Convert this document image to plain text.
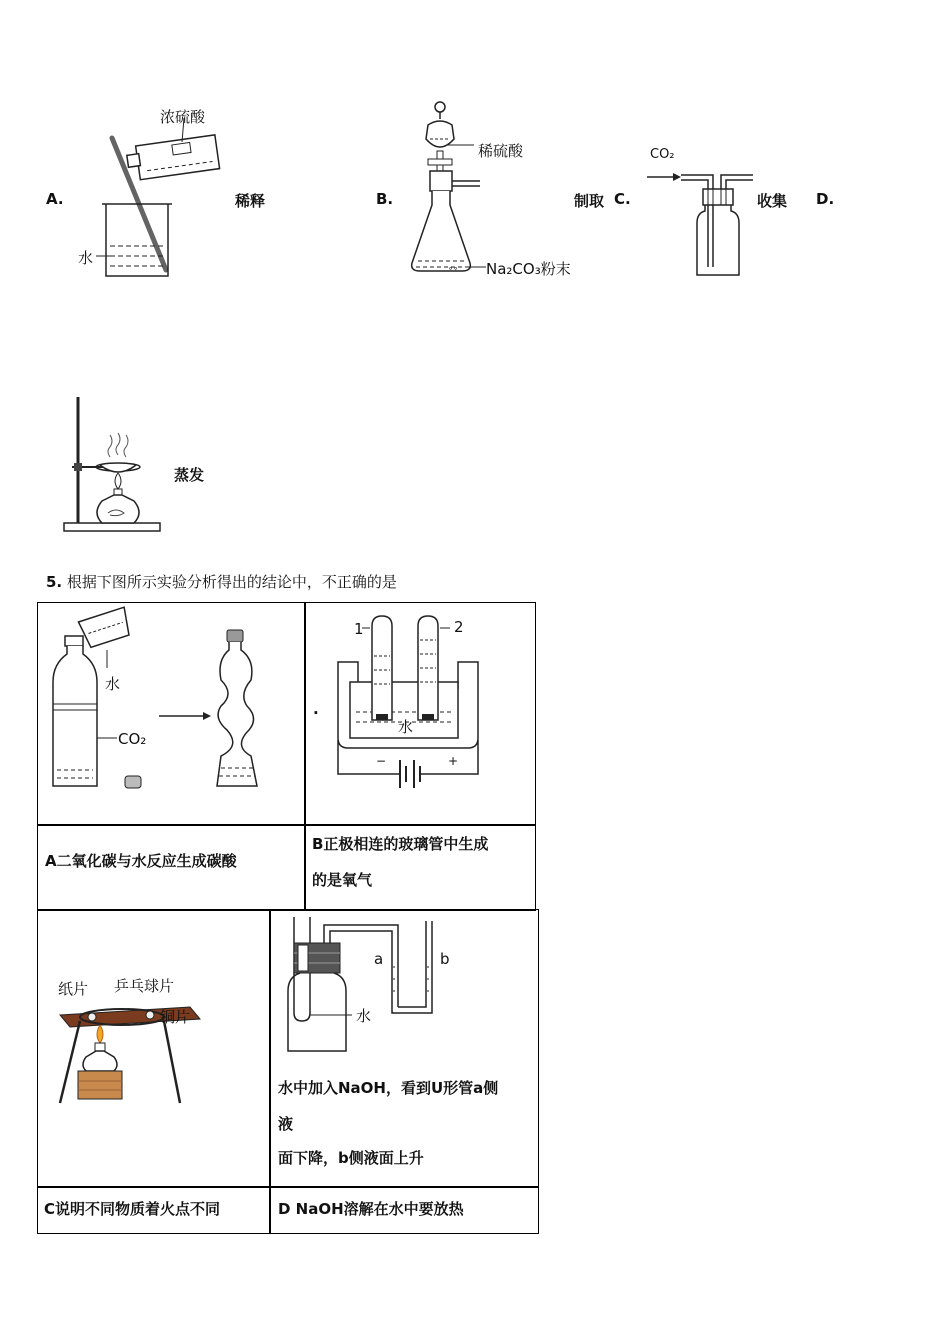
A.
浓硫酸
水
稀释	B.
∘∘
稀硫酸
Na₂CO₃粉末
制取 C.
CO₂
收集 D.
蒸发
5. 根据下图所示实验分析得出的结论中，不正确的是
水
CO₂
A二氧化碳与水反应生成碳酸
.
1	2
水
−	+
B正极相连的玻璃管中生成
的是氧气
纸片 乒乓球片
铜片
C说明不同物质着火点不同
a	b
水
水中加入NaOH，看到U形管a侧
液
面下降，b侧液面上升
D NaOH溶解在水中要放热
